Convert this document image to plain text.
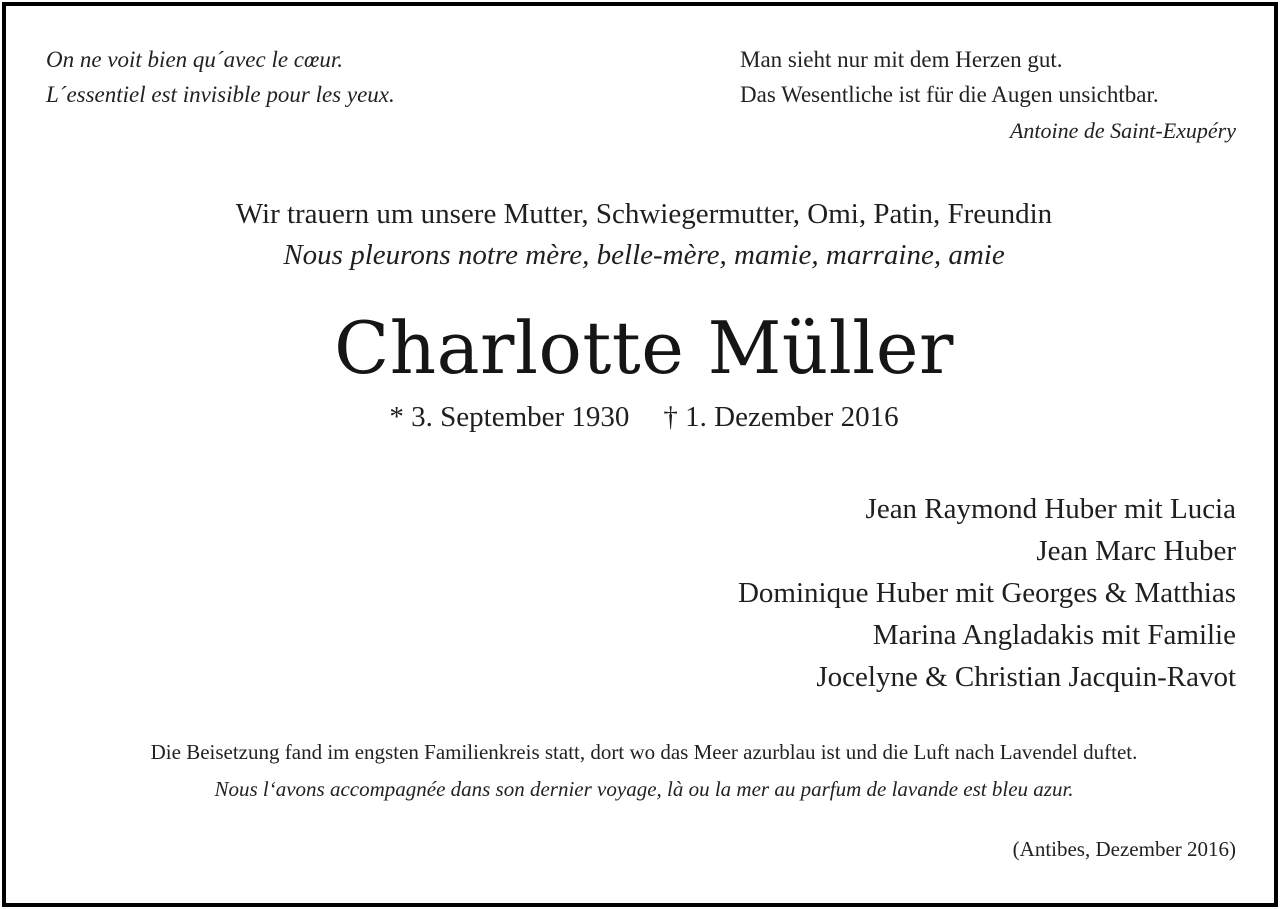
On ne voit bien qu´avec le cœur.
L´essentiel est invisible pour les yeux.
Man sieht nur mit dem Herzen gut.
Das Wesentliche ist für die Augen unsichtbar.
Antoine de Saint-Exupéry
Wir trauern um unsere Mutter, Schwiegermutter, Omi, Patin, Freundin
Nous pleurons notre mère, belle-mère, mamie, marraine, amie
Charlotte Müller
* 3. September 1930 † 1. Dezember 2016
Jean Raymond Huber mit Lucia
Jean Marc Huber
Dominique Huber mit Georges & Matthias
Marina Angladakis mit Familie
Jocelyne & Christian Jacquin-Ravot
Die Beisetzung fand im engsten Familienkreis statt, dort wo das Meer azurblau ist und die Luft nach Lavendel duftet.
Nous l‘avons accompagnée dans son dernier voyage, là ou la mer au parfum de lavande est bleu azur.
(Antibes, Dezember 2016)
